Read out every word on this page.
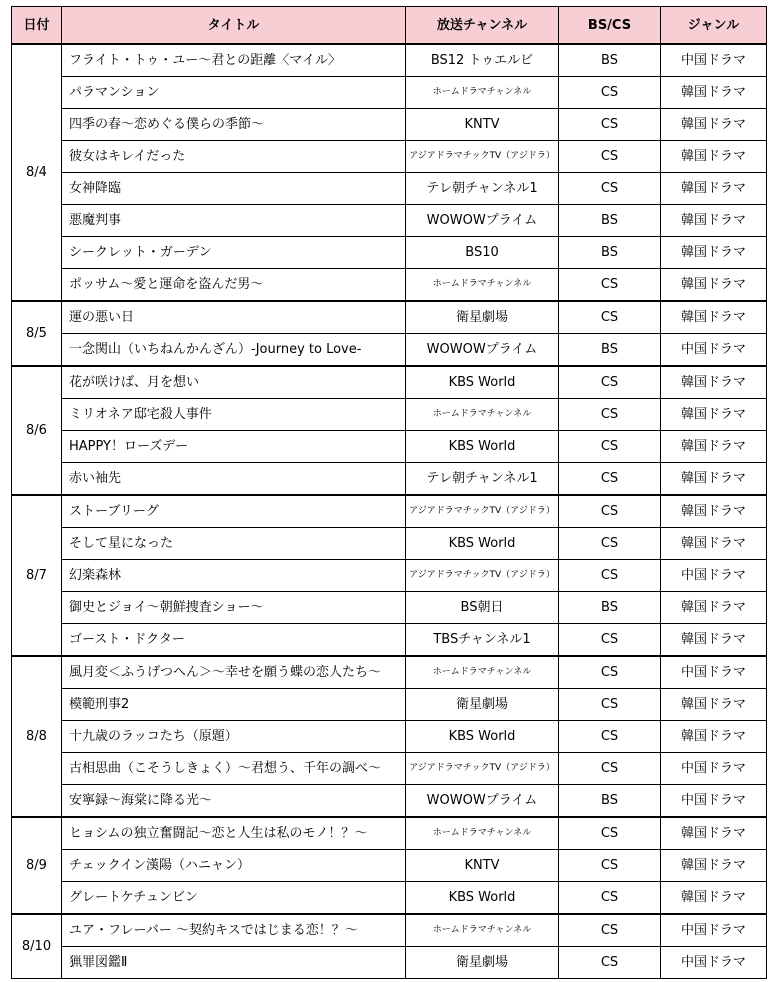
日付	タイトル	放送チャンネル	BS/CS	ジャンル
8/4	フライト・トゥ・ユー～君との距離〈マイル〉	BS12 トゥエルビ	BS	中国ドラマ
	パラマンション	ホームドラマチャンネル	CS	韓国ドラマ
	四季の春～恋めぐる僕らの季節～	KNTV	CS	韓国ドラマ
	彼女はキレイだった	アジアドラマチックTV（アジドラ）	CS	韓国ドラマ
	女神降臨	テレ朝チャンネル1	CS	韓国ドラマ
	悪魔判事	WOWOWプライム	BS	韓国ドラマ
	シークレット・ガーデン	BS10	BS	韓国ドラマ
	ポッサム～愛と運命を盗んだ男～	ホームドラマチャンネル	CS	韓国ドラマ
8/5	運の悪い日	衛星劇場	CS	韓国ドラマ
	一念関山（いちねんかんざん）-Journey to Love-	WOWOWプライム	BS	中国ドラマ
8/6	花が咲けば、月を想い	KBS World	CS	韓国ドラマ
	ミリオネア邸宅殺人事件	ホームドラマチャンネル	CS	韓国ドラマ
	HAPPY！ローズデー	KBS World	CS	韓国ドラマ
	赤い袖先	テレ朝チャンネル1	CS	韓国ドラマ
8/7	ストーブリーグ	アジアドラマチックTV（アジドラ）	CS	韓国ドラマ
	そして星になった	KBS World	CS	韓国ドラマ
	幻楽森林	アジアドラマチックTV（アジドラ）	CS	中国ドラマ
	御史とジョイ～朝鮮捜査ショー～	BS朝日	BS	韓国ドラマ
	ゴースト・ドクター	TBSチャンネル1	CS	韓国ドラマ
8/8	風月変＜ふうげつへん＞～幸せを願う蝶の恋人たち～	ホームドラマチャンネル	CS	中国ドラマ
	模範刑事2	衛星劇場	CS	韓国ドラマ
	十九歳のラッコたち（原題）	KBS World	CS	韓国ドラマ
	古相思曲（こそうしきょく）～君想う、千年の調べ～	アジアドラマチックTV（アジドラ）	CS	中国ドラマ
	安寧録～海棠に降る光～	WOWOWプライム	BS	中国ドラマ
8/9	ヒョシムの独立奮闘記～恋と人生は私のモノ！？～	ホームドラマチャンネル	CS	韓国ドラマ
	チェックイン漢陽（ハニャン）	KNTV	CS	韓国ドラマ
	グレートケチュンビン	KBS World	CS	韓国ドラマ
8/10	ユア・フレーバー ～契約キスではじまる恋！？～	ホームドラマチャンネル	CS	中国ドラマ
	猟罪図鑑Ⅱ	衛星劇場	CS	中国ドラマ
